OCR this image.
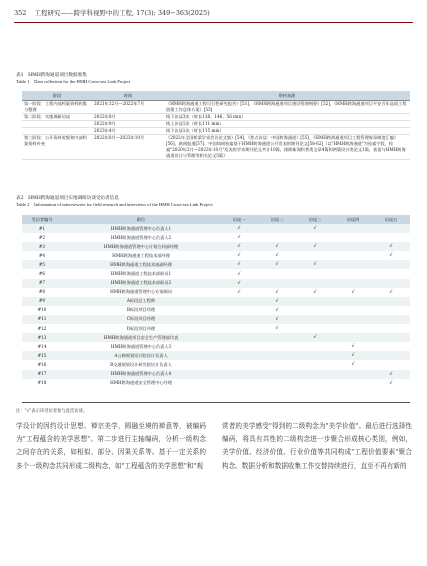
352 工程研究——跨学科视野中的工程, 17(3): 349−363(2025)
表1　HMH跨海通道项目数据收集
Table 1　Data collection for the HMH Cross-sea Link Project
阶段	时间	资料来源
第一阶段：工程内部档案资料收集与整理	2021年12月—2022年7月	《HMH跨海通道工程可行性研究报告》[51]、《HMH跨海通道项目建设管理纲要》[52]、《HMH跨海通道项目平安百年品质工程创建工作总体方案》[53]
第二阶段：实地调研访谈	2022年8月	线下访谈3次（时长138、146、56 min）
	2022年9月	线上访谈1次（时长111 min）
	2023年4月	线下访谈1次（时长115 min）
第三阶段：公开资料收集和内部档案资料补充	2022年8月—2023年10月	《2022年全国桥梁学术会议论文集》[54]、《焦点访谈：中国跨海通道》[55]、《HMH跨海通道项目工程管理规章制度汇编》[56]、新闻报道[57]、中国知网检索基于HMH跨海通道公开发表的期刊论文[58-62]（以"HMH跨海通道"为检索字段，检索"2020年2月—2023年10月"发表的学术期刊论文共计10篇，排除新闻科普类文章4篇和两篇设计类论文1篇，获留与HMH跨海通道设计与管理等相关论文5篇）
表2　HMH跨海通道项目实地调研访谈受访者信息
Table 2　Information of interviewees for field research and interviews of the HMH Cross-sea Link Project
受访者编号	职位	访谈一	访谈二	访谈三	访谈四	访谈五
#1	HMH跨海通道管理中心负责人1	√		√		
#2	HMH跨海通道管理中心负责人2	√				
#3	HMH跨海通道管理中心计划合同部经理	√	√	√		√
#4	HMH跨海通道工程技术部经理	√	√			√
#5	HMH跨海通道工程技术部副经理	√	√	√		
#6	HMH跨海通道工程技术部职员1	√				
#7	HMH跨海通道工程技术部职员2	√				
#8	HMH跨海通道管理中心专家顾问	√	√	√	√	√
#9	A标段总工程师		√			
#10	B标段项目经理		√			
#11	C标段项目经理		√			
#12	D标段项目经理		√			
#13	HMH跨海通道项目安全生产管理部代表			√		
#14	HMH跨海通道管理中心负责人3				√	
#15	A公路规划设计院设计负责人				√	
#16	B交通规划设计研究院设计负责人				√	
#17	HMH跨海通道管理中心负责人4					√
#18	HMH跨海通道安全管理中心经理					√
注："√"表示该受访者参与此次访谈。

学设计的因约设计思想、禅宗美学、圆融至境的禅意等，被编码为"工程蕴含的美学思想"。第二步进行主轴编码，分析一级构念之间存在的关系，如相似、部分、因果关系等。基于一定关系的多个一级构念共同形成二级构念，如"工程蕴含的美学思想"和"观

赏者的美学感受"得到的二级构念为"美学价值"。最后进行选择性编码，将具有共性的二级构念进一步聚合形成核心类别，例如，美学价值、经济价值、行业价值等共同构成"工程价值要素"聚合构念。数据分析和数据收集工作交替持续进行，直至不再有新的
